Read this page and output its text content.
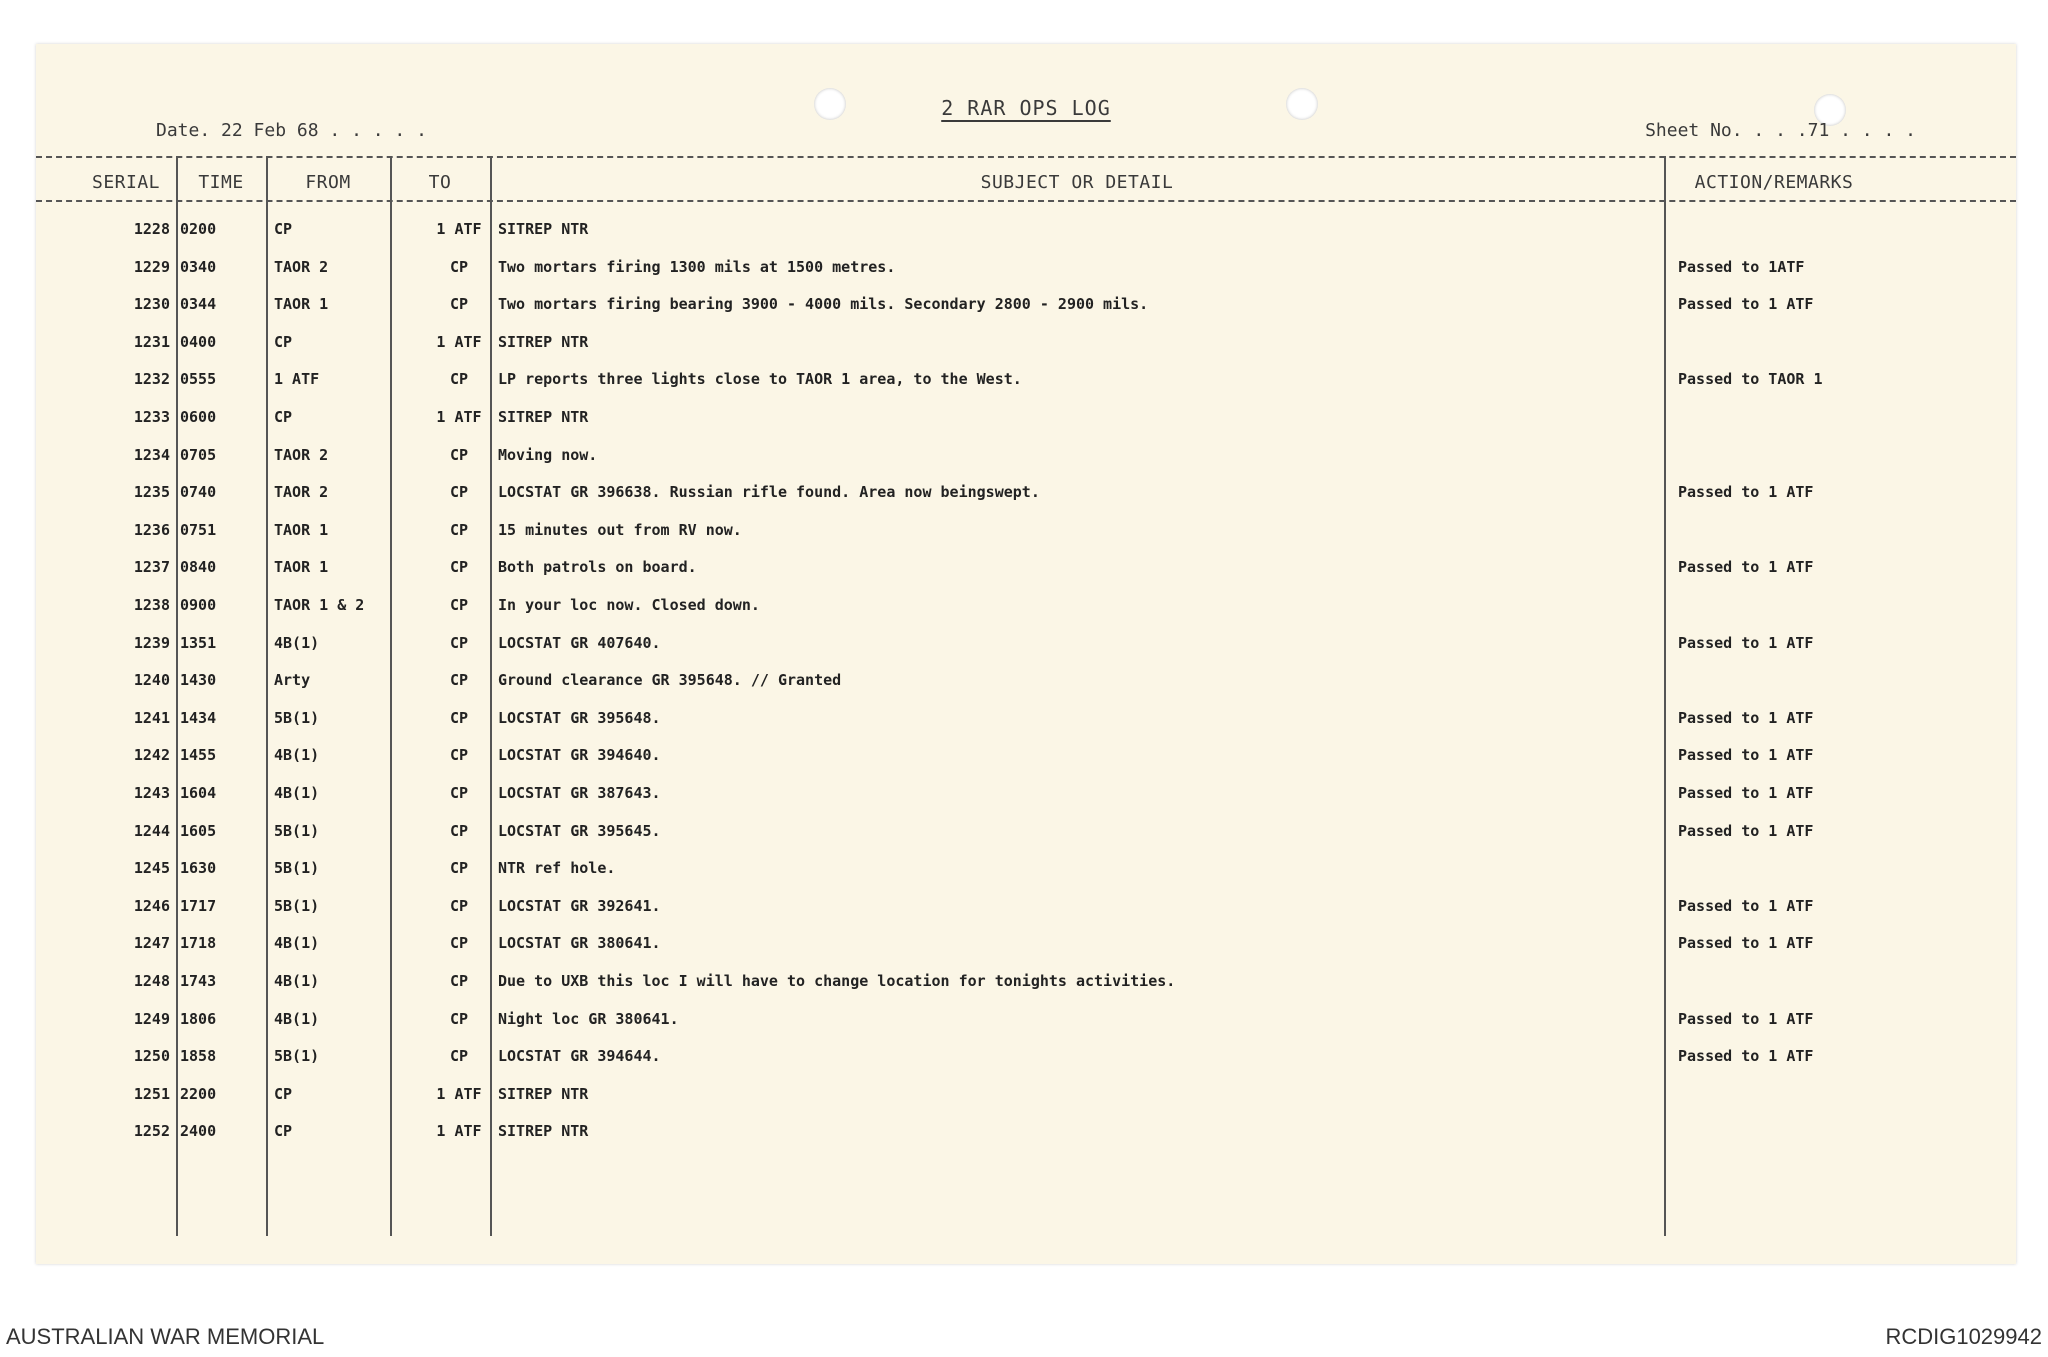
2 RAR OPS LOG
Date. 22 Feb 68 . . . . .	Sheet No. . . .71 . . . .
SERIAL	TIME	FROM	TO	SUBJECT OR DETAIL	ACTION/REMARKS
1228 0200	CP	1 ATF	SITREP NTR
1229 0340	TAOR 2	CP	Two mortars firing 1300 mils at 1500 metres.	Passed to 1ATF
1230 0344	TAOR 1	CP	Two mortars firing bearing 3900 - 4000 mils. Secondary 2800 - 2900 mils.	Passed to 1 ATF
1231 0400	CP	1 ATF	SITREP NTR
1232 0555	1 ATF	CP	LP reports three lights close to TAOR 1 area, to the West.	Passed to TAOR 1
1233 0600	CP	1 ATF	SITREP NTR
1234 0705	TAOR 2	CP	Moving now.
1235 0740	TAOR 2	CP	LOCSTAT GR 396638. Russian rifle found. Area now beingswept.	Passed to 1 ATF
1236 0751	TAOR 1	CP	15 minutes out from RV now.
1237 0840	TAOR 1	CP	Both patrols on board.	Passed to 1 ATF
1238 0900	TAOR 1 & 2	CP	In your loc now. Closed down.
1239 1351	4B(1)	CP	LOCSTAT GR 407640.	Passed to 1 ATF
1240 1430	Arty	CP	Ground clearance GR 395648. // Granted
1241 1434	5B(1)	CP	LOCSTAT GR 395648.	Passed to 1 ATF
1242 1455	4B(1)	CP	LOCSTAT GR 394640.	Passed to 1 ATF
1243 1604	4B(1)	CP	LOCSTAT GR 387643.	Passed to 1 ATF
1244 1605	5B(1)	CP	LOCSTAT GR 395645.	Passed to 1 ATF
1245 1630	5B(1)	CP	NTR ref hole.
1246 1717	5B(1)	CP	LOCSTAT GR 392641.	Passed to 1 ATF
1247 1718	4B(1)	CP	LOCSTAT GR 380641.	Passed to 1 ATF
1248 1743	4B(1)	CP	Due to UXB this loc I will have to change location for tonights activities.
1249 1806	4B(1)	CP	Night loc GR 380641.	Passed to 1 ATF
1250 1858	5B(1)	CP	LOCSTAT GR 394644.	Passed to 1 ATF
1251 2200	CP	1 ATF	SITREP NTR
1252 2400	CP	1 ATF	SITREP NTR
AUSTRALIAN WAR MEMORIAL	RCDIG1029942
